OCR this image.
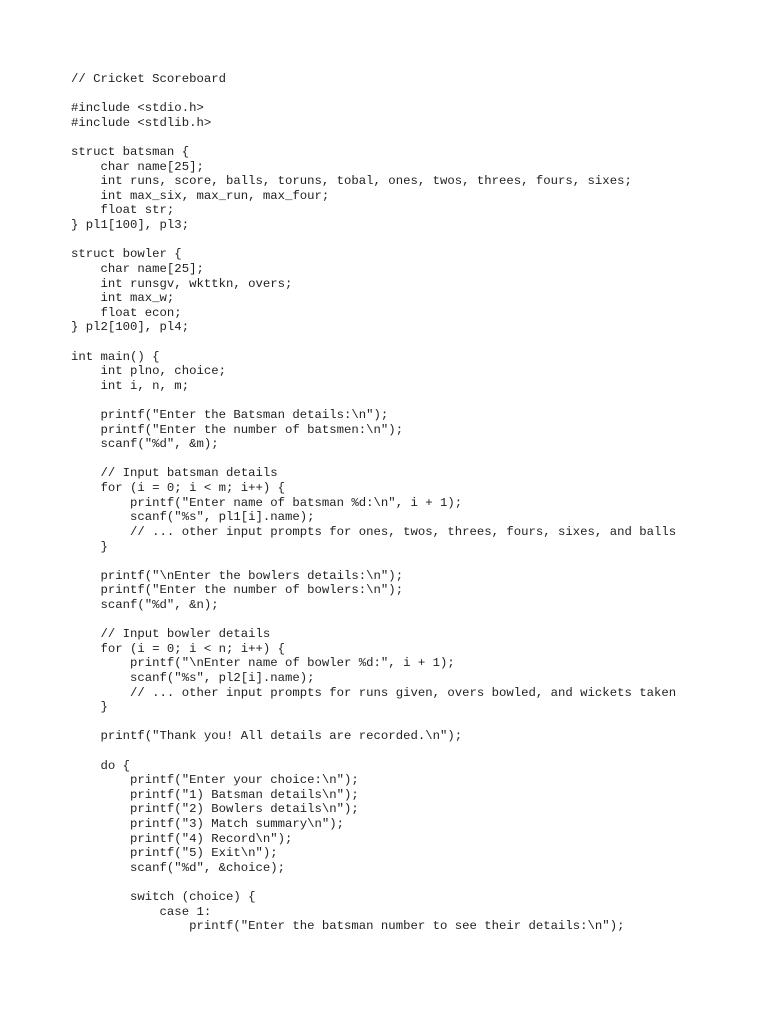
// Cricket Scoreboard
#include <stdio.h>
#include <stdlib.h>
struct batsman {
char name[25];
int runs, score, balls, toruns, tobal, ones, twos, threes, fours, sixes;
int max_six, max_run, max_four;
float str;
} pl1[100], pl3;
struct bowler {
char name[25];
int runsgv, wkttkn, overs;
int max_w;
float econ;
} pl2[100], pl4;
int main() {
int plno, choice;
int i, n, m;
printf("Enter the Batsman details:\n");
printf("Enter the number of batsmen:\n");
scanf("%d", &m);
// Input batsman details
for (i = 0; i < m; i++) {
printf("Enter name of batsman %d:\n", i + 1);
scanf("%s", pl1[i].name);
// ... other input prompts for ones, twos, threes, fours, sixes, and balls
}
printf("\nEnter the bowlers details:\n");
printf("Enter the number of bowlers:\n");
scanf("%d", &n);
// Input bowler details
for (i = 0; i < n; i++) {
printf("\nEnter name of bowler %d:", i + 1);
scanf("%s", pl2[i].name);
// ... other input prompts for runs given, overs bowled, and wickets taken
}
printf("Thank you! All details are recorded.\n");
do {
printf("Enter your choice:\n");
printf("1) Batsman details\n");
printf("2) Bowlers details\n");
printf("3) Match summary\n");
printf("4) Record\n");
printf("5) Exit\n");
scanf("%d", &choice);
switch (choice) {
case 1:
printf("Enter the batsman number to see their details:\n");
